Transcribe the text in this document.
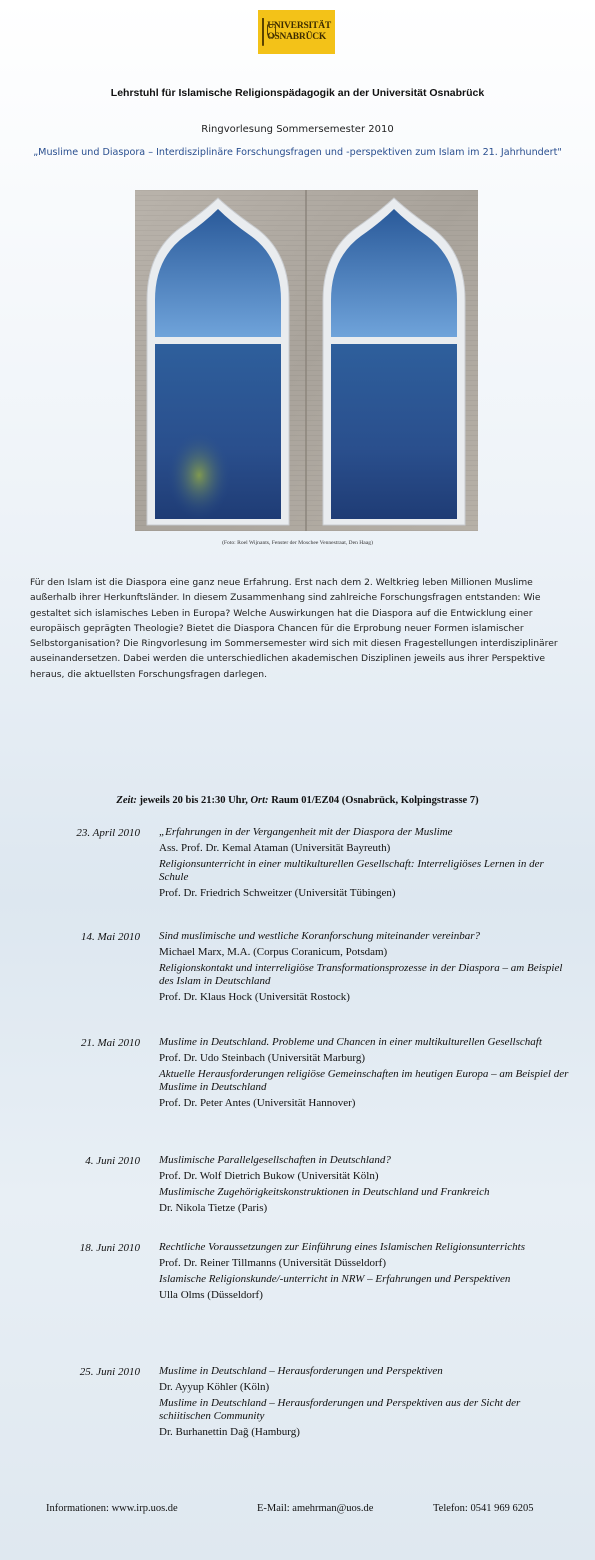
UNIVERSITÄT
OSNABRÜCK
Lehrstuhl für Islamische Religionspädagogik an der Universität Osnabrück
Ringvorlesung Sommersemester 2010
„Muslime und Diaspora – Interdisziplinäre Forschungsfragen und -perspektiven zum Islam im 21. Jahrhundert"
(Foto: Roel Wijnants, Fenster der Moschee Vennestraat, Den Haag)
Für den Islam ist die Diaspora eine ganz neue Erfahrung. Erst nach dem 2. Weltkrieg leben Millionen Muslime außerhalb ihrer Herkunftsländer. In diesem Zusammenhang sind zahlreiche Forschungsfragen entstanden: Wie gestaltet sich islamisches Leben in Europa? Welche Auswirkungen hat die Diaspora auf die Entwicklung einer europäisch geprägten Theologie? Bietet die Diaspora Chancen für die Erprobung neuer Formen islamischer Selbstorganisation? Die Ringvorlesung im Sommersemester wird sich mit diesen Fragestellungen interdisziplinärer auseinandersetzen. Dabei werden die unterschiedlichen akademischen Disziplinen jeweils aus ihrer Perspektive heraus, die aktuellsten Forschungsfragen darlegen.
Zeit: jeweils 20 bis 21:30 Uhr, Ort: Raum 01/EZ04 (Osnabrück, Kolpingstrasse 7)
23. April 2010 „Erfahrungen in der Vergangenheit mit der Diaspora der Muslime
Ass. Prof. Dr. Kemal Ataman (Universität Bayreuth)
Religionsunterricht in einer multikulturellen Gesellschaft: Interreligiöses Lernen in der Schule
Prof. Dr. Friedrich Schweitzer (Universität Tübingen)
14. Mai 2010 Sind muslimische und westliche Koranforschung miteinander vereinbar?
Michael Marx, M.A. (Corpus Coranicum, Potsdam)
Religionskontakt und interreligiöse Transformationsprozesse in der Diaspora – am Beispiel des Islam in Deutschland
Prof. Dr. Klaus Hock (Universität Rostock)
21. Mai 2010 Muslime in Deutschland. Probleme und Chancen in einer multikulturellen Gesellschaft
Prof. Dr. Udo Steinbach (Universität Marburg)
Aktuelle Herausforderungen religiöse Gemeinschaften im heutigen Europa – am Beispiel der Muslime in Deutschland
Prof. Dr. Peter Antes (Universität Hannover)
4. Juni 2010 Muslimische Parallelgesellschaften in Deutschland?
Prof. Dr. Wolf Dietrich Bukow (Universität Köln)
Muslimische Zugehörigkeitskonstruktionen in Deutschland und Frankreich
Dr. Nikola Tietze (Paris)
18. Juni 2010 Rechtliche Voraussetzungen zur Einführung eines Islamischen Religionsunterrichts
Prof. Dr. Reiner Tillmanns (Universität Düsseldorf)
Islamische Religionskunde/-unterricht in NRW – Erfahrungen und Perspektiven
Ulla Olms (Düsseldorf)
25. Juni 2010 Muslime in Deutschland – Herausforderungen und Perspektiven
Dr. Ayyup Köhler (Köln)
Muslime in Deutschland – Herausforderungen und Perspektiven aus der Sicht der schiitischen Community
Dr. Burhanettin Dağ (Hamburg)
Informationen: www.irp.uos.de	E-Mail: amehrman@uos.de	Telefon: 0541 969 6205
